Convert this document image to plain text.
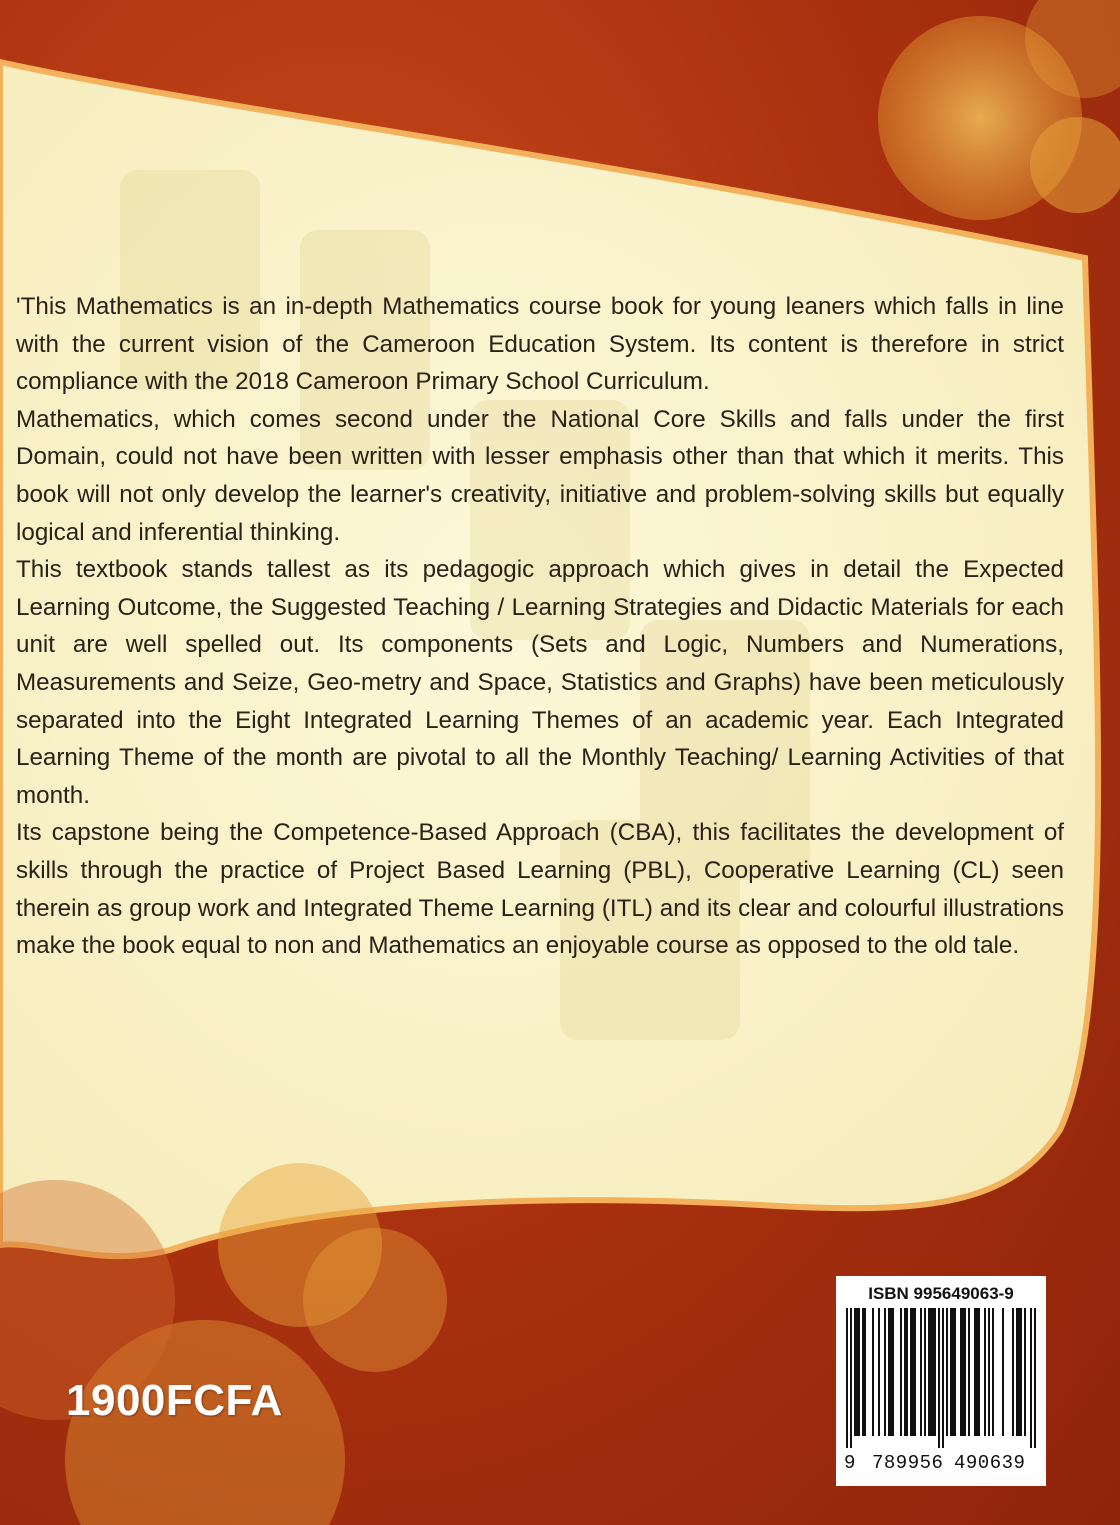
'This Mathematics is an in-depth Mathematics course book for young leaners which falls in line with the current vision of the Cameroon Education System. Its content is therefore in strict compliance with the 2018 Cameroon Primary School Curriculum.

Mathematics, which comes second under the National Core Skills and falls under the first Domain, could not have been written with lesser emphasis other than that which it merits. This book will not only develop the learner's creativity, initiative and problem-solving skills but equally logical and inferential thinking.

This textbook stands tallest as its pedagogic approach which gives in detail the Expected Learning Outcome, the Suggested Teaching / Learning Strategies and Didactic Materials for each unit are well spelled out. Its components (Sets and Logic, Numbers and Numerations, Measurements and Seize, Geo-metry and Space, Statistics and Graphs) have been meticulously separated into the Eight Integrated Learning Themes of an academic year. Each Integrated Learning Theme of the month are pivotal to all the Monthly Teaching/ Learning Activities of that month.

Its capstone being the Competence-Based Approach (CBA), this facilitates the development of skills through the practice of Project Based Learning (PBL), Cooperative Learning (CL) seen therein as group work and Integrated Theme Learning (ITL) and its clear and colourful illustrations make the book equal to non and Mathematics an enjoyable course as opposed to the old tale.

1900FCFA
ISBN 995649063-9
9 789956 490639
